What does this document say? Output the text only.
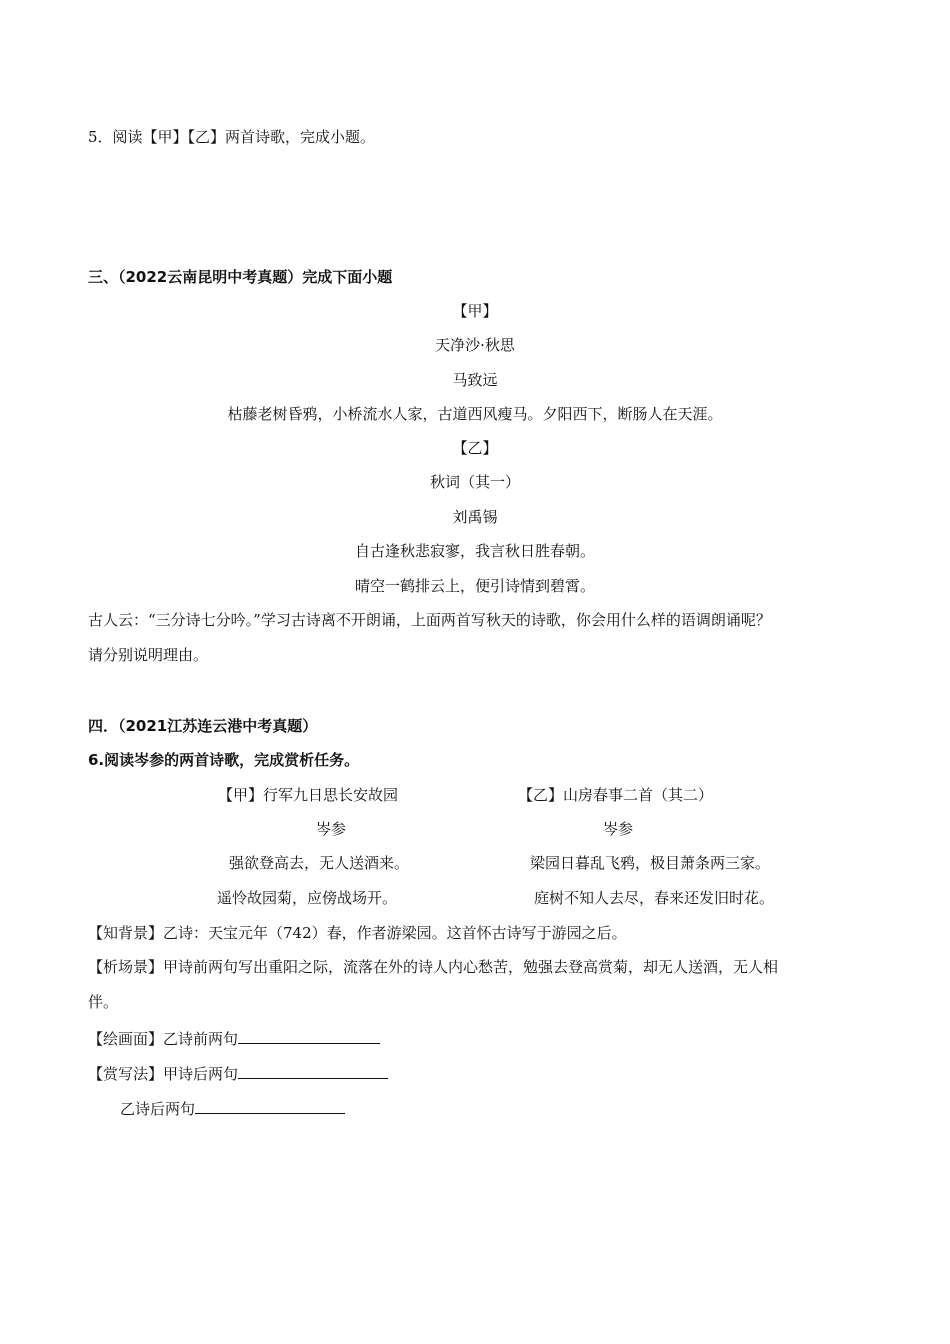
5．阅读【甲】【乙】两首诗歌，完成小题。
三、（2022云南昆明中考真题）完成下面小题
【甲】
天净沙·秋思
马致远
枯藤老树昏鸦，小桥流水人家，古道西风瘦马。夕阳西下，断肠人在天涯。
【乙】
秋词（其一）
刘禹锡
自古逢秋悲寂寥，我言秋日胜春朝。
晴空一鹤排云上，便引诗情到碧霄。
古人云：“三分诗七分吟。”学习古诗离不开朗诵，上面两首写秋天的诗歌，你会用什么样的语调朗诵呢？
请分别说明理由。
四．（2021江苏连云港中考真题）
6.阅读岑参的两首诗歌，完成赏析任务。
【甲】行军九日思长安故园	【乙】山房春事二首（其二）
岑参	岑参
强欲登高去，无人送酒来。	梁园日暮乱飞鸦，极目萧条两三家。
遥怜故园菊，应傍战场开。	庭树不知人去尽，春来还发旧时花。
【知背景】乙诗：天宝元年（742）春，作者游梁园。这首怀古诗写于游园之后。
【析场景】甲诗前两句写出重阳之际，流落在外的诗人内心愁苦，勉强去登高赏菊，却无人送酒，无人相
伴。
【绘画面】乙诗前两句
【赏写法】甲诗后两句
乙诗后两句
